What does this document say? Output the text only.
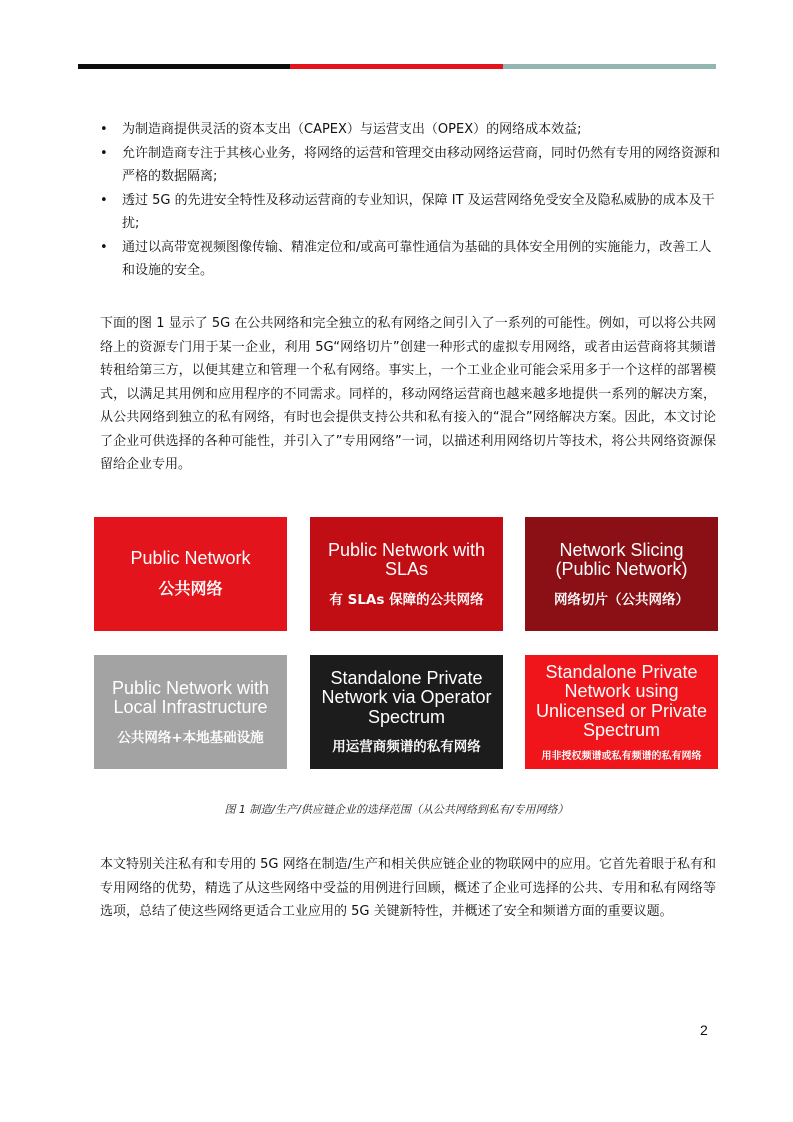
• 为制造商提供灵活的资本支出（CAPEX）与运营支出（OPEX）的网络成本效益;
• 允许制造商专注于其核心业务，将网络的运营和管理交由移动网络运营商，同时仍然有专用的网络资源和严格的数据隔离;
• 透过 5G 的先进安全特性及移动运营商的专业知识，保障 IT 及运营网络免受安全及隐私威胁的成本及干扰;
• 通过以高带宽视频图像传输、精准定位和/或高可靠性通信为基础的具体安全用例的实施能力，改善工人和设施的安全。

下面的图 1 显示了 5G 在公共网络和完全独立的私有网络之间引入了一系列的可能性。例如，可以将公共网络上的资源专门用于某一企业，利用 5G“网络切片”创建一种形式的虚拟专用网络，或者由运营商将其频谱转租给第三方，以便其建立和管理一个私有网络。事实上，一个工业企业可能会采用多于一个这样的部署模式，以满足其用例和应用程序的不同需求。同样的，移动网络运营商也越来越多地提供一系列的解决方案，从公共网络到独立的私有网络，有时也会提供支持公共和私有接入的“混合”网络解决方案。因此，本文讨论了企业可供选择的各种可能性，并引入了”专用网络”一词，以描述利用网络切片等技术，将公共网络资源保留给企业专用。

Public Network
公共网络
Public Network with SLAs
有 SLAs 保障的公共网络
Network Slicing (Public Network)
网络切片（公共网络）
Public Network with Local Infrastructure
公共网络+本地基础设施
Standalone Private Network via Operator Spectrum
用运营商频谱的私有网络
Standalone Private Network using Unlicensed or Private Spectrum
用非授权频谱或私有频谱的私有网络
图 1 制造/生产/供应链企业的选择范围（从公共网络到私有/专用网络）

本文特别关注私有和专用的 5G 网络在制造/生产和相关供应链企业的物联网中的应用。它首先着眼于私有和专用网络的优势，精选了从这些网络中受益的用例进行回顾，概述了企业可选择的公共、专用和私有网络等选项，总结了使这些网络更适合工业应用的 5G 关键新特性，并概述了安全和频谱方面的重要议题。

2
